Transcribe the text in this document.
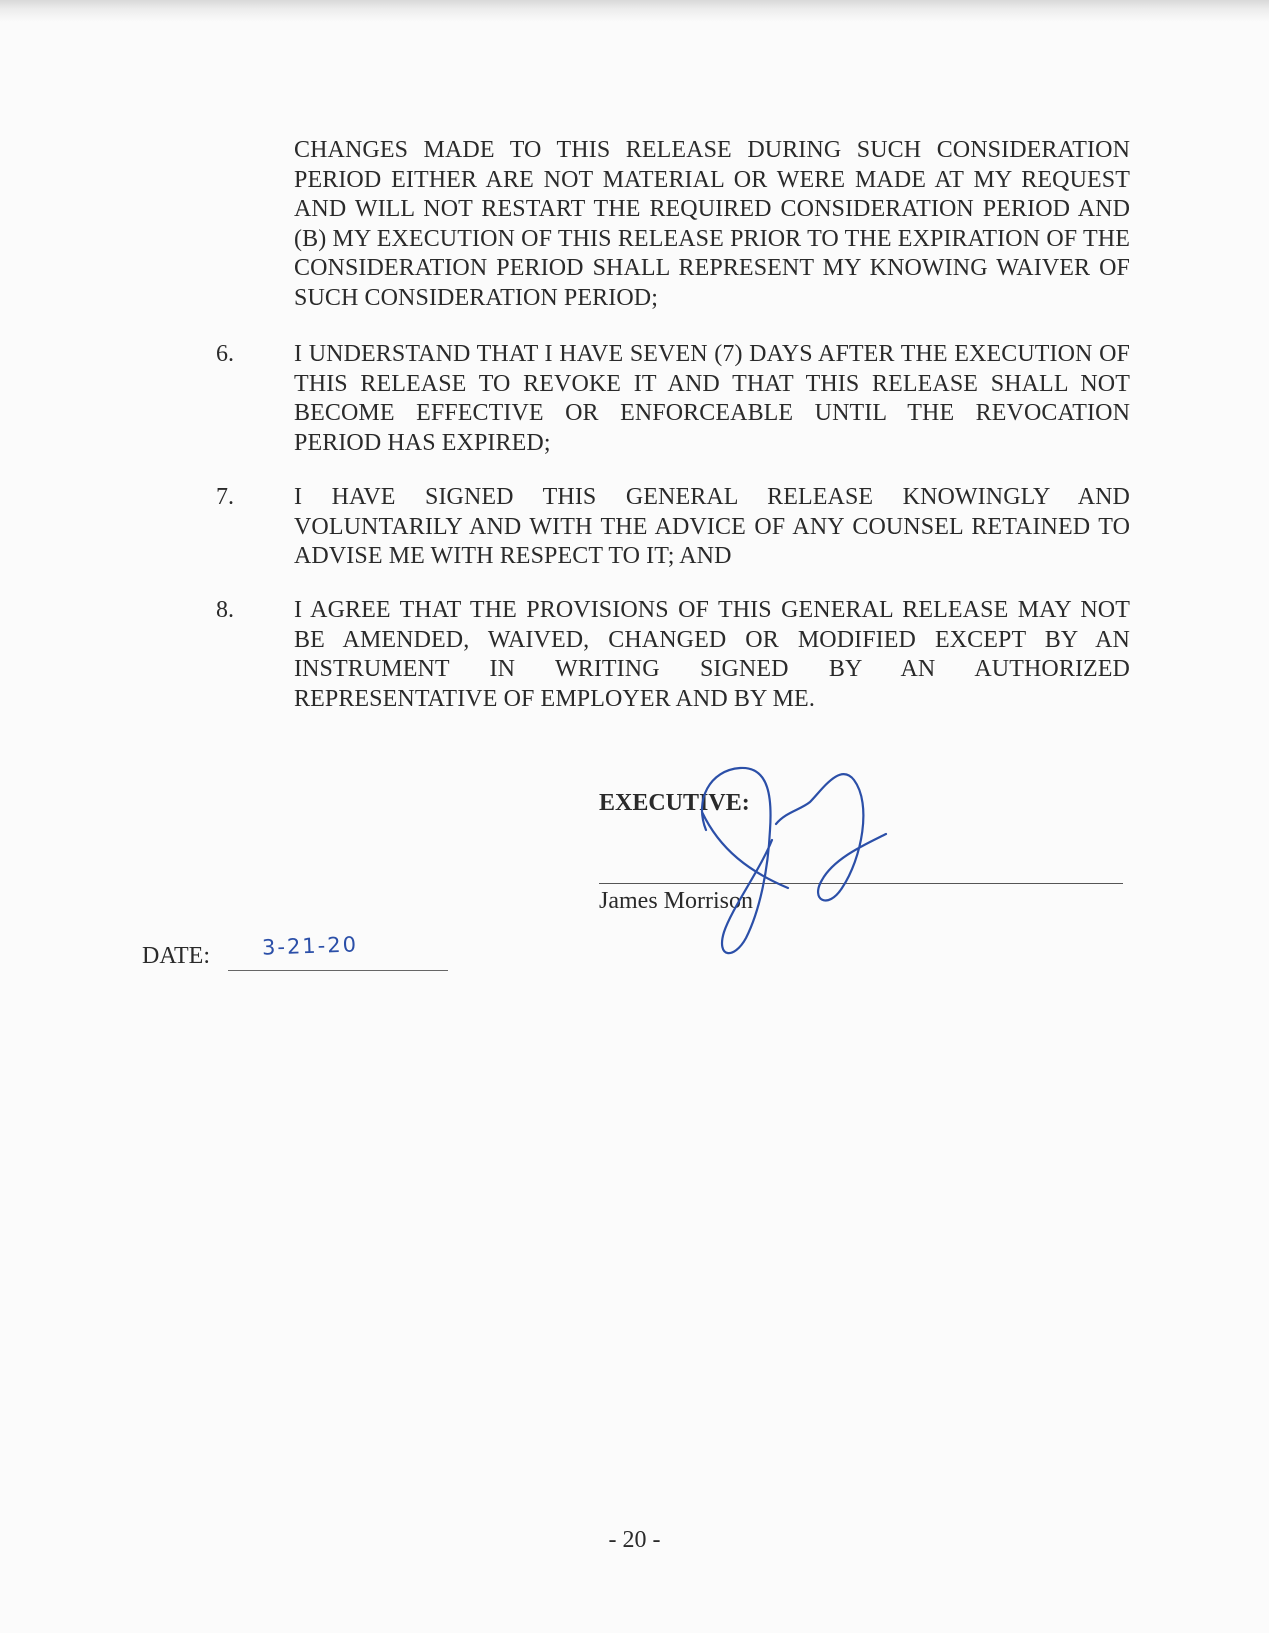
CHANGES MADE TO THIS RELEASE DURING SUCH CONSIDERATION PERIOD EITHER ARE NOT MATERIAL OR WERE MADE AT MY REQUEST AND WILL NOT RESTART THE REQUIRED CONSIDERATION PERIOD AND (B) MY EXECUTION OF THIS RELEASE PRIOR TO THE EXPIRATION OF THE CONSIDERATION PERIOD SHALL REPRESENT MY KNOWING WAIVER OF SUCH CONSIDERATION PERIOD;
6.	I UNDERSTAND THAT I HAVE SEVEN (7) DAYS AFTER THE EXECUTION OF THIS RELEASE TO REVOKE IT AND THAT THIS RELEASE SHALL NOT BECOME EFFECTIVE OR ENFORCEABLE UNTIL THE REVOCATION PERIOD HAS EXPIRED;
7.	I HAVE SIGNED THIS GENERAL RELEASE KNOWINGLY AND VOLUNTARILY AND WITH THE ADVICE OF ANY COUNSEL RETAINED TO ADVISE ME WITH RESPECT TO IT; AND
8.	I AGREE THAT THE PROVISIONS OF THIS GENERAL RELEASE MAY NOT BE AMENDED, WAIVED, CHANGED OR MODIFIED EXCEPT BY AN INSTRUMENT IN WRITING SIGNED BY AN AUTHORIZED REPRESENTATIVE OF EMPLOYER AND BY ME.
EXECUTIVE:
James Morrison
DATE: 3-21-20
- 20 -
